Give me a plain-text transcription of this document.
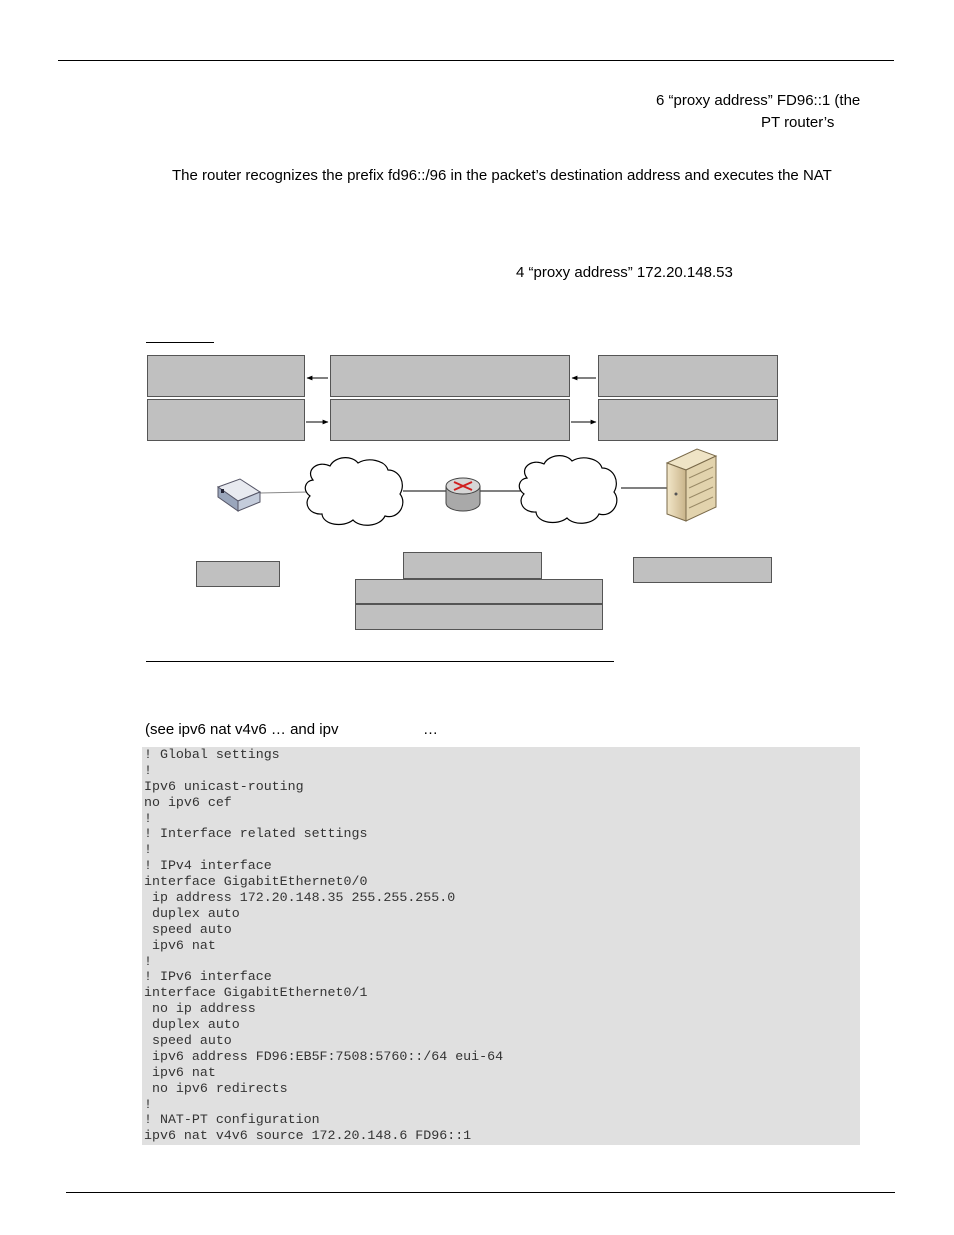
6 “proxy address” FD96::1 (the
PT router’s
The router recognizes the prefix fd96::/96 in the packet’s destination address and executes the NAT
4 “proxy address” 172.20.148.53
(see ipv6 nat v4v6 … and ipv	…
! Global settings
!
Ipv6 unicast-routing
no ipv6 cef
!
! Interface related settings
!
! IPv4 interface
interface GigabitEthernet0/0
ip address 172.20.148.35 255.255.255.0
duplex auto
speed auto
ipv6 nat
!
! IPv6 interface
interface GigabitEthernet0/1
no ip address
duplex auto
speed auto
ipv6 address FD96:EB5F:7508:5760::/64 eui-64
ipv6 nat
no ipv6 redirects
!
! NAT-PT configuration
ipv6 nat v4v6 source 172.20.148.6 FD96::1
